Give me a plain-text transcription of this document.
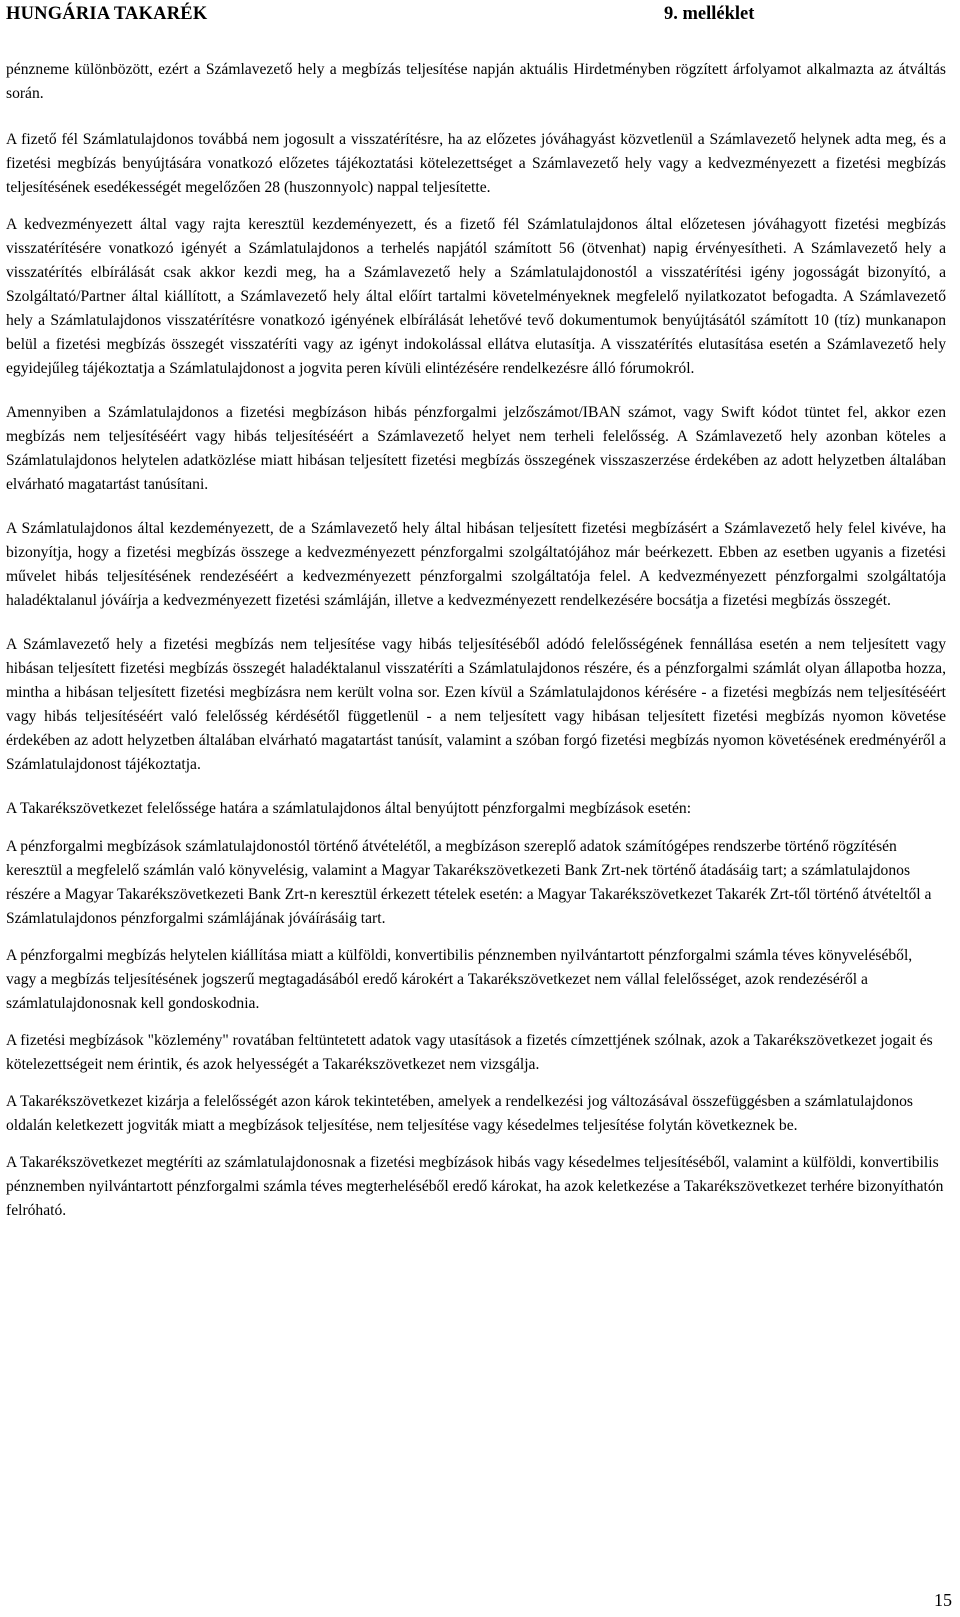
HUNGÁRIA TAKARÉK	9. melléklet

pénzneme különbözött, ezért a Számlavezető hely a megbízás teljesítése napján aktuális Hirdetményben rögzített árfolyamot alkalmazta az átváltás során.

A fizető fél Számlatulajdonos továbbá nem jogosult a visszatérítésre, ha az előzetes jóváhagyást közvetlenül a Számlavezető helynek adta meg, és a fizetési megbízás benyújtására vonatkozó előzetes tájékoztatási kötelezettséget a Számlavezető hely vagy a kedvezményezett a fizetési megbízás teljesítésének esedékességét megelőzően 28 (huszonnyolc) nappal teljesítette.

A kedvezményezett által vagy rajta keresztül kezdeményezett, és a fizető fél Számlatulajdonos által előzetesen jóváhagyott fizetési megbízás visszatérítésére vonatkozó igényét a Számlatulajdonos a terhelés napjától számított 56 (ötvenhat) napig érvényesítheti. A Számlavezető hely a visszatérítés elbírálását csak akkor kezdi meg, ha a Számlavezető hely a Számlatulajdonostól a visszatérítési igény jogosságát bizonyító, a Szolgáltató/Partner által kiállított, a Számlavezető hely által előírt tartalmi követelményeknek megfelelő nyilatkozatot befogadta. A Számlavezető hely a Számlatulajdonos visszatérítésre vonatkozó igényének elbírálását lehetővé tevő dokumentumok benyújtásától számított 10 (tíz) munkanapon belül a fizetési megbízás összegét visszatéríti vagy az igényt indokolással ellátva elutasítja. A visszatérítés elutasítása esetén a Számlavezető hely egyidejűleg tájékoztatja a Számlatulajdonost a jogvita peren kívüli elintézésére rendelkezésre álló fórumokról.

Amennyiben a Számlatulajdonos a fizetési megbízáson hibás pénzforgalmi jelzőszámot/IBAN számot, vagy Swift kódot tüntet fel, akkor ezen megbízás nem teljesítéséért vagy hibás teljesítéséért a Számlavezető helyet nem terheli felelősség. A Számlavezető hely azonban köteles a Számlatulajdonos helytelen adatközlése miatt hibásan teljesített fizetési megbízás összegének visszaszerzése érdekében az adott helyzetben általában elvárható magatartást tanúsítani.

A Számlatulajdonos által kezdeményezett, de a Számlavezető hely által hibásan teljesített fizetési megbízásért a Számlavezető hely felel kivéve, ha bizonyítja, hogy a fizetési megbízás összege a kedvezményezett pénzforgalmi szolgáltatójához már beérkezett. Ebben az esetben ugyanis a fizetési művelet hibás teljesítésének rendezéséért a kedvezményezett pénzforgalmi szolgáltatója felel. A kedvezményezett pénzforgalmi szolgáltatója haladéktalanul jóváírja a kedvezményezett fizetési számláján, illetve a kedvezményezett rendelkezésére bocsátja a fizetési megbízás összegét.

A Számlavezető hely a fizetési megbízás nem teljesítése vagy hibás teljesítéséből adódó felelősségének fennállása esetén a nem teljesített vagy hibásan teljesített fizetési megbízás összegét haladéktalanul visszatéríti a Számlatulajdonos részére, és a pénzforgalmi számlát olyan állapotba hozza, mintha a hibásan teljesített fizetési megbízásra nem került volna sor. Ezen kívül a Számlatulajdonos kérésére - a fizetési megbízás nem teljesítéséért vagy hibás teljesítéséért való felelősség kérdésétől függetlenül - a nem teljesített vagy hibásan teljesített fizetési megbízás nyomon követése érdekében az adott helyzetben általában elvárható magatartást tanúsít, valamint a szóban forgó fizetési megbízás nyomon követésének eredményéről a Számlatulajdonost tájékoztatja.

A Takarékszövetkezet felelőssége határa a számlatulajdonos által benyújtott pénzforgalmi megbízások esetén:

A pénzforgalmi megbízások számlatulajdonostól történő átvételétől, a megbízáson szereplő adatok számítógépes rendszerbe történő rögzítésén keresztül a megfelelő számlán való könyvelésig, valamint a Magyar Takarékszövetkezeti Bank Zrt-nek történő átadásáig tart; a számlatulajdonos részére a Magyar Takarékszövetkezeti Bank Zrt-n keresztül érkezett tételek esetén: a Magyar Takarékszövetkezet Takarék Zrt-től történő átvételtől a Számlatulajdonos pénzforgalmi számlájának jóváírásáig tart.

A pénzforgalmi megbízás helytelen kiállítása miatt a külföldi, konvertibilis pénznemben nyilvántartott pénzforgalmi számla téves könyveléséből, vagy a megbízás teljesítésének jogszerű megtagadásából eredő károkért a Takarékszövetkezet nem vállal felelősséget, azok rendezéséről a számlatulajdonosnak kell gondoskodnia.

A fizetési megbízások "közlemény" rovatában feltüntetett adatok vagy utasítások a fizetés címzettjének szólnak, azok a Takarékszövetkezet jogait és kötelezettségeit nem érintik, és azok helyességét a Takarékszövetkezet nem vizsgálja.

A Takarékszövetkezet kizárja a felelősségét azon károk tekintetében, amelyek a rendelkezési jog változásával összefüggésben a számlatulajdonos oldalán keletkezett jogviták miatt a megbízások teljesítése, nem teljesítése vagy késedelmes teljesítése folytán következnek be.

A Takarékszövetkezet megtéríti az számlatulajdonosnak a fizetési megbízások hibás vagy késedelmes teljesítéséből, valamint a külföldi, konvertibilis pénznemben nyilvántartott pénzforgalmi számla téves megterheléséből eredő károkat, ha azok keletkezése a Takarékszövetkezet terhére bizonyíthatón felróható.

15
